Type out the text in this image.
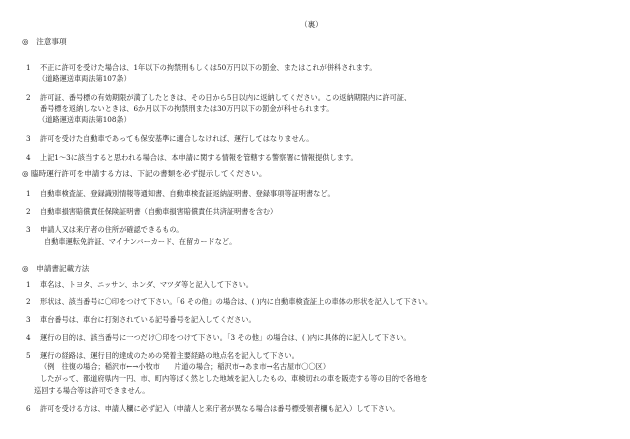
（裏）
◎　注意事項
1 不正に許可を受けた場合は、1年以下の拘禁刑もしくは50万円以下の罰金、またはこれが併科されます。
（道路運送車両法第107条）
2 許可証、番号標の有効期限が満了したときは、その日から5日以内に返納してください。この返納期限内に許可証、
番号標を返納しないときは、6か月以下の拘禁刑または30万円以下の罰金が科せられます。
（道路運送車両法第108条）
3 許可を受けた自動車であっても保安基準に適合しなければ、運行してはなりません。
4 上記1～3に該当すると思われる場合は、本申請に関する情報を管轄する警察署に情報提供します。
◎ 臨時運行許可を申請する方は、下記の書類を必ず提示してください。
1 自動車検査証、登録識別情報等通知書、自動車検査証返納証明書、登録事項等証明書など。
2 自動車損害賠償責任保険証明書（自動車損害賠償責任共済証明書を含む）
3 申請人又は来庁者の住所が確認できるもの。
自動車運転免許証、マイナンバーカード、在留カードなど。
◎　申請書記載方法
1 車名は、トヨタ、ニッサン、ホンダ、マツダ等と記入して下さい。
2 形状は、該当番号に〇印をつけて下さい。「6 その他」の場合は、( )内に自動車検査証上の車体の形状を記入して下さい。
3 車台番号は、車台に打刻されている記号番号を記入してください。
4 運行の目的は、該当番号に一つだけ〇印をつけて下さい。「3 その他」の場合は、( )内に具体的に記入して下さい。
5 運行の経路は、運行目的達成のための発着主要経路の地点名を記入して下さい。
（例　往復の場合；稲沢市←→小牧市　　片道の場合；稲沢市→あま市→名古屋市〇〇区）
したがって、都道府県内一円、市、町内等ばく然とした地域を記入したもの、車検切れの車を販売する等の目的で各地を
巡回する場合等は許可できません。
6 許可を受ける方は、申請人欄に必ず記入（申請人と来庁者が異なる場合は番号標受領者欄も記入）して下さい。
